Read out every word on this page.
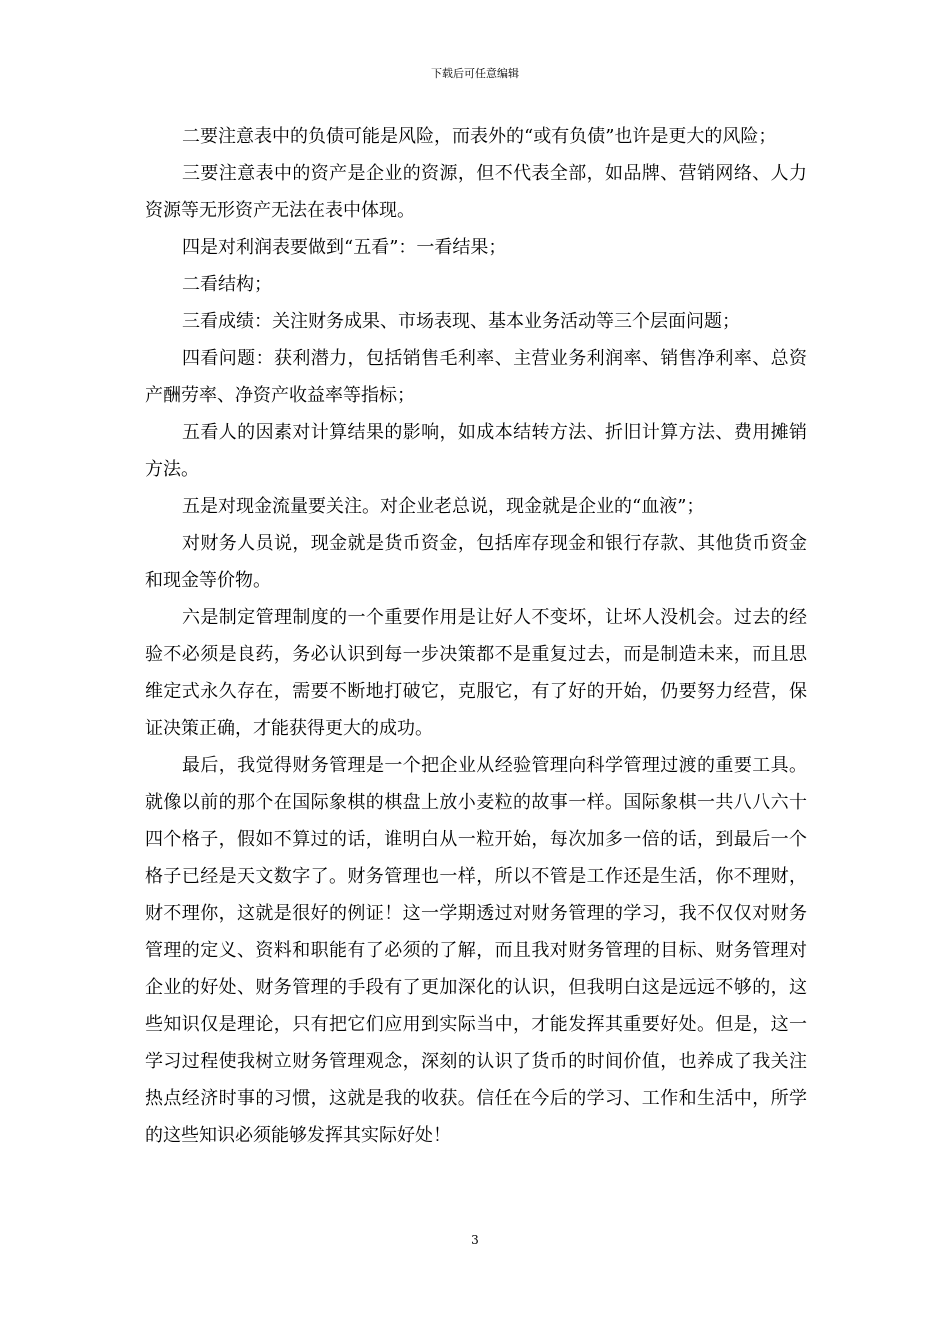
下载后可任意编辑

二要注意表中的负债可能是风险，而表外的“或有负债”也许是更大的风险；

三要注意表中的资产是企业的资源，但不代表全部，如品牌、营销网络、人力资源等无形资产无法在表中体现。

四是对利润表要做到“五看”：一看结果；

二看结构；

三看成绩：关注财务成果、市场表现、基本业务活动等三个层面问题；

四看问题：获利潜力，包括销售毛利率、主营业务利润率、销售净利率、总资产酬劳率、净资产收益率等指标；

五看人的因素对计算结果的影响，如成本结转方法、折旧计算方法、费用摊销方法。

五是对现金流量要关注。对企业老总说，现金就是企业的“血液”；

对财务人员说，现金就是货币资金，包括库存现金和银行存款、其他货币资金和现金等价物。

六是制定管理制度的一个重要作用是让好人不变坏，让坏人没机会。过去的经验不必须是良药，务必认识到每一步决策都不是重复过去，而是制造未来，而且思维定式永久存在，需要不断地打破它，克服它，有了好的开始，仍要努力经营，保证决策正确，才能获得更大的成功。

最后，我觉得财务管理是一个把企业从经验管理向科学管理过渡的重要工具。就像以前的那个在国际象棋的棋盘上放小麦粒的故事一样。国际象棋一共八八六十四个格子，假如不算过的话，谁明白从一粒开始，每次加多一倍的话，到最后一个格子已经是天文数字了。财务管理也一样，所以不管是工作还是生活，你不理财，财不理你，这就是很好的例证！这一学期透过对财务管理的学习，我不仅仅对财务管理的定义、资料和职能有了必须的了解，而且我对财务管理的目标、财务管理对企业的好处、财务管理的手段有了更加深化的认识，但我明白这是远远不够的，这些知识仅是理论，只有把它们应用到实际当中，才能发挥其重要好处。但是，这一学习过程使我树立财务管理观念，深刻的认识了货币的时间价值，也养成了我关注热点经济时事的习惯，这就是我的收获。信任在今后的学习、工作和生活中，所学的这些知识必须能够发挥其实际好处！

3
